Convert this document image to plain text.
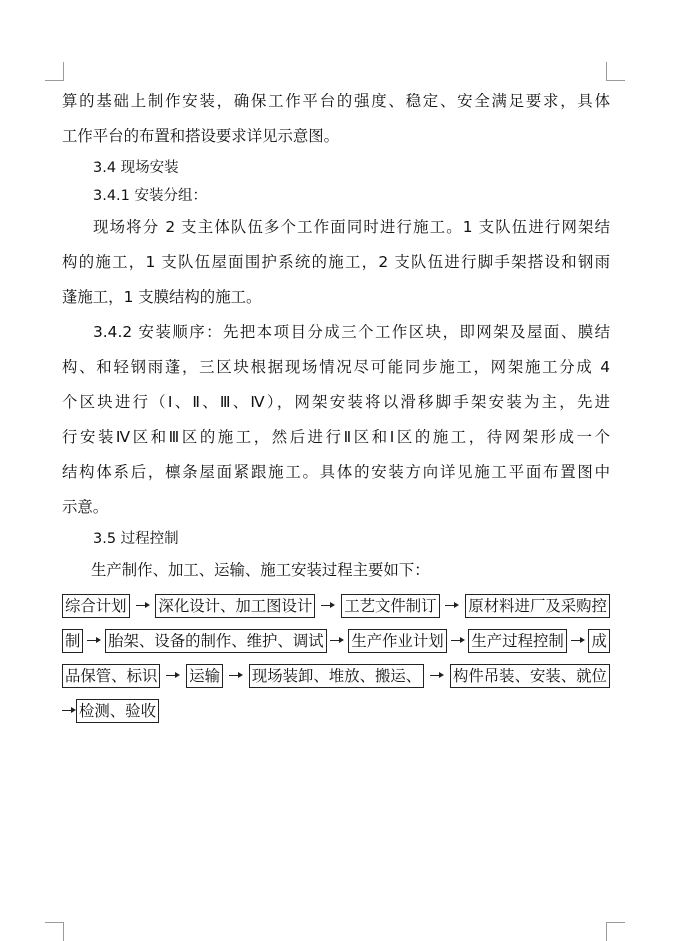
算的基础上制作安装，确保工作平台的强度、稳定、安全满足要求，具体
工作平台的布置和搭设要求详见示意图。
3.4 现场安装
3.4.1 安装分组：
现场将分 2 支主体队伍多个工作面同时进行施工。1 支队伍进行网架结
构的施工，1 支队伍屋面围护系统的施工，2 支队伍进行脚手架搭设和钢雨
蓬施工，1 支膜结构的施工。
3.4.2 安装顺序：先把本项目分成三个工作区块，即网架及屋面、膜结
构、和轻钢雨蓬，三区块根据现场情况尽可能同步施工，网架施工分成 4
个区块进行（Ⅰ、Ⅱ、Ⅲ、Ⅳ），网架安装将以滑移脚手架安装为主，先进
行安装Ⅳ区和Ⅲ区的施工，然后进行Ⅱ区和Ⅰ区的施工，待网架形成一个
结构体系后，檩条屋面紧跟施工。具体的安装方向详见施工平面布置图中
示意。
3.5 过程控制
生产制作、加工、运输、施工安装过程主要如下：
综合计划 深化设计、加工图设计 工艺文件制订 原材料进厂及采购控
制 胎架、设备的制作、维护、调试 生产作业计划 生产过程控制 成
品保管、标识 运输 现场装卸、堆放、搬运、 构件吊装、安装、就位
检测、验收
